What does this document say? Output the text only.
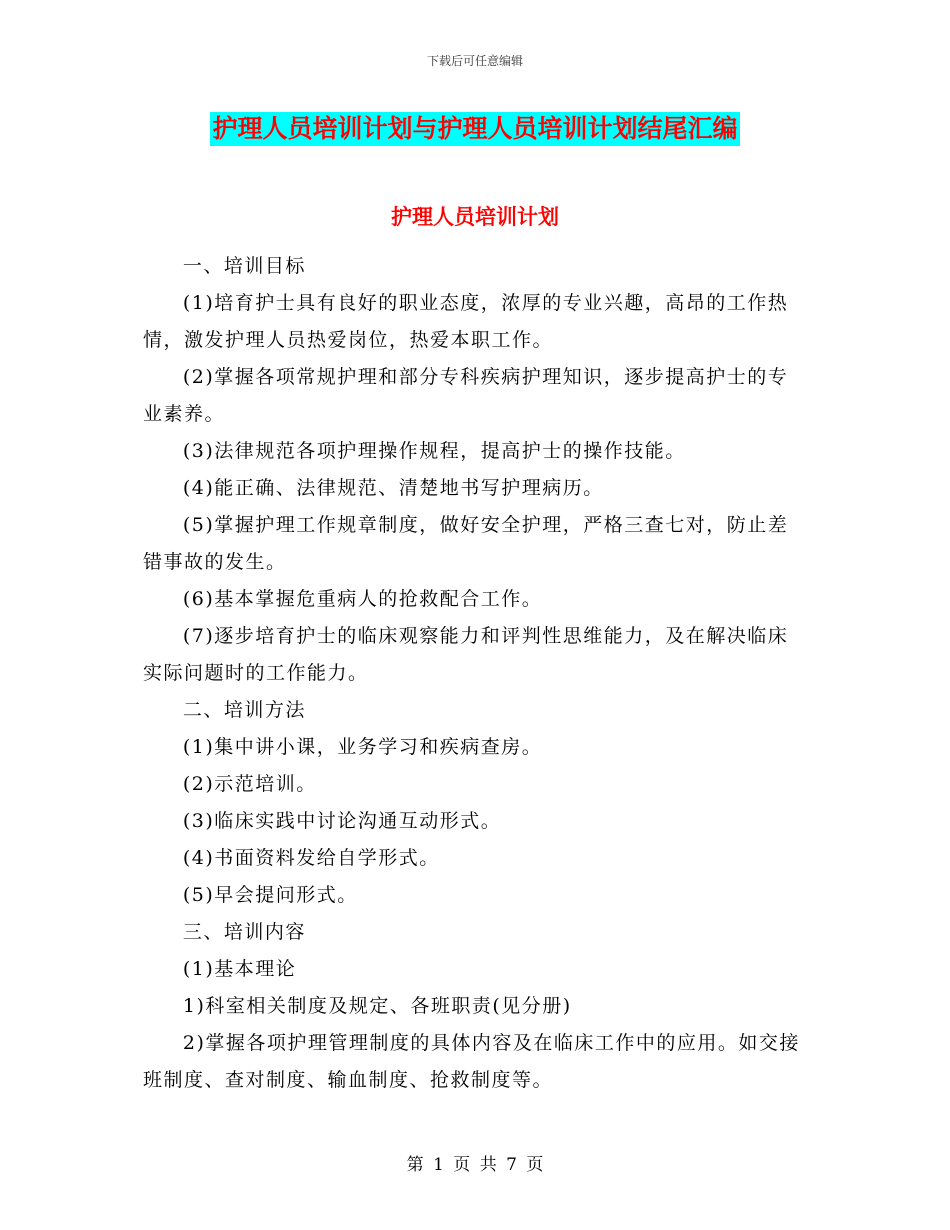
下载后可任意编辑
护理人员培训计划与护理人员培训计划结尾汇编
护理人员培训计划

一、培训目标

(1)培育护士具有良好的职业态度，浓厚的专业兴趣，高昂的工作热情，激发护理人员热爱岗位，热爱本职工作。

(2)掌握各项常规护理和部分专科疾病护理知识，逐步提高护士的专业素养。

(3)法律规范各项护理操作规程，提高护士的操作技能。

(4)能正确、法律规范、清楚地书写护理病历。

(5)掌握护理工作规章制度，做好安全护理，严格三查七对，防止差错事故的发生。

(6)基本掌握危重病人的抢救配合工作。

(7)逐步培育护士的临床观察能力和评判性思维能力，及在解决临床实际问题时的工作能力。

二、培训方法

(1)集中讲小课，业务学习和疾病查房。

(2)示范培训。

(3)临床实践中讨论沟通互动形式。

(4)书面资料发给自学形式。

(5)早会提问形式。

三、培训内容

(1)基本理论

1)科室相关制度及规定、各班职责(见分册)

2)掌握各项护理管理制度的具体内容及在临床工作中的应用。如交接班制度、查对制度、输血制度、抢救制度等。

第 1 页 共 7 页
